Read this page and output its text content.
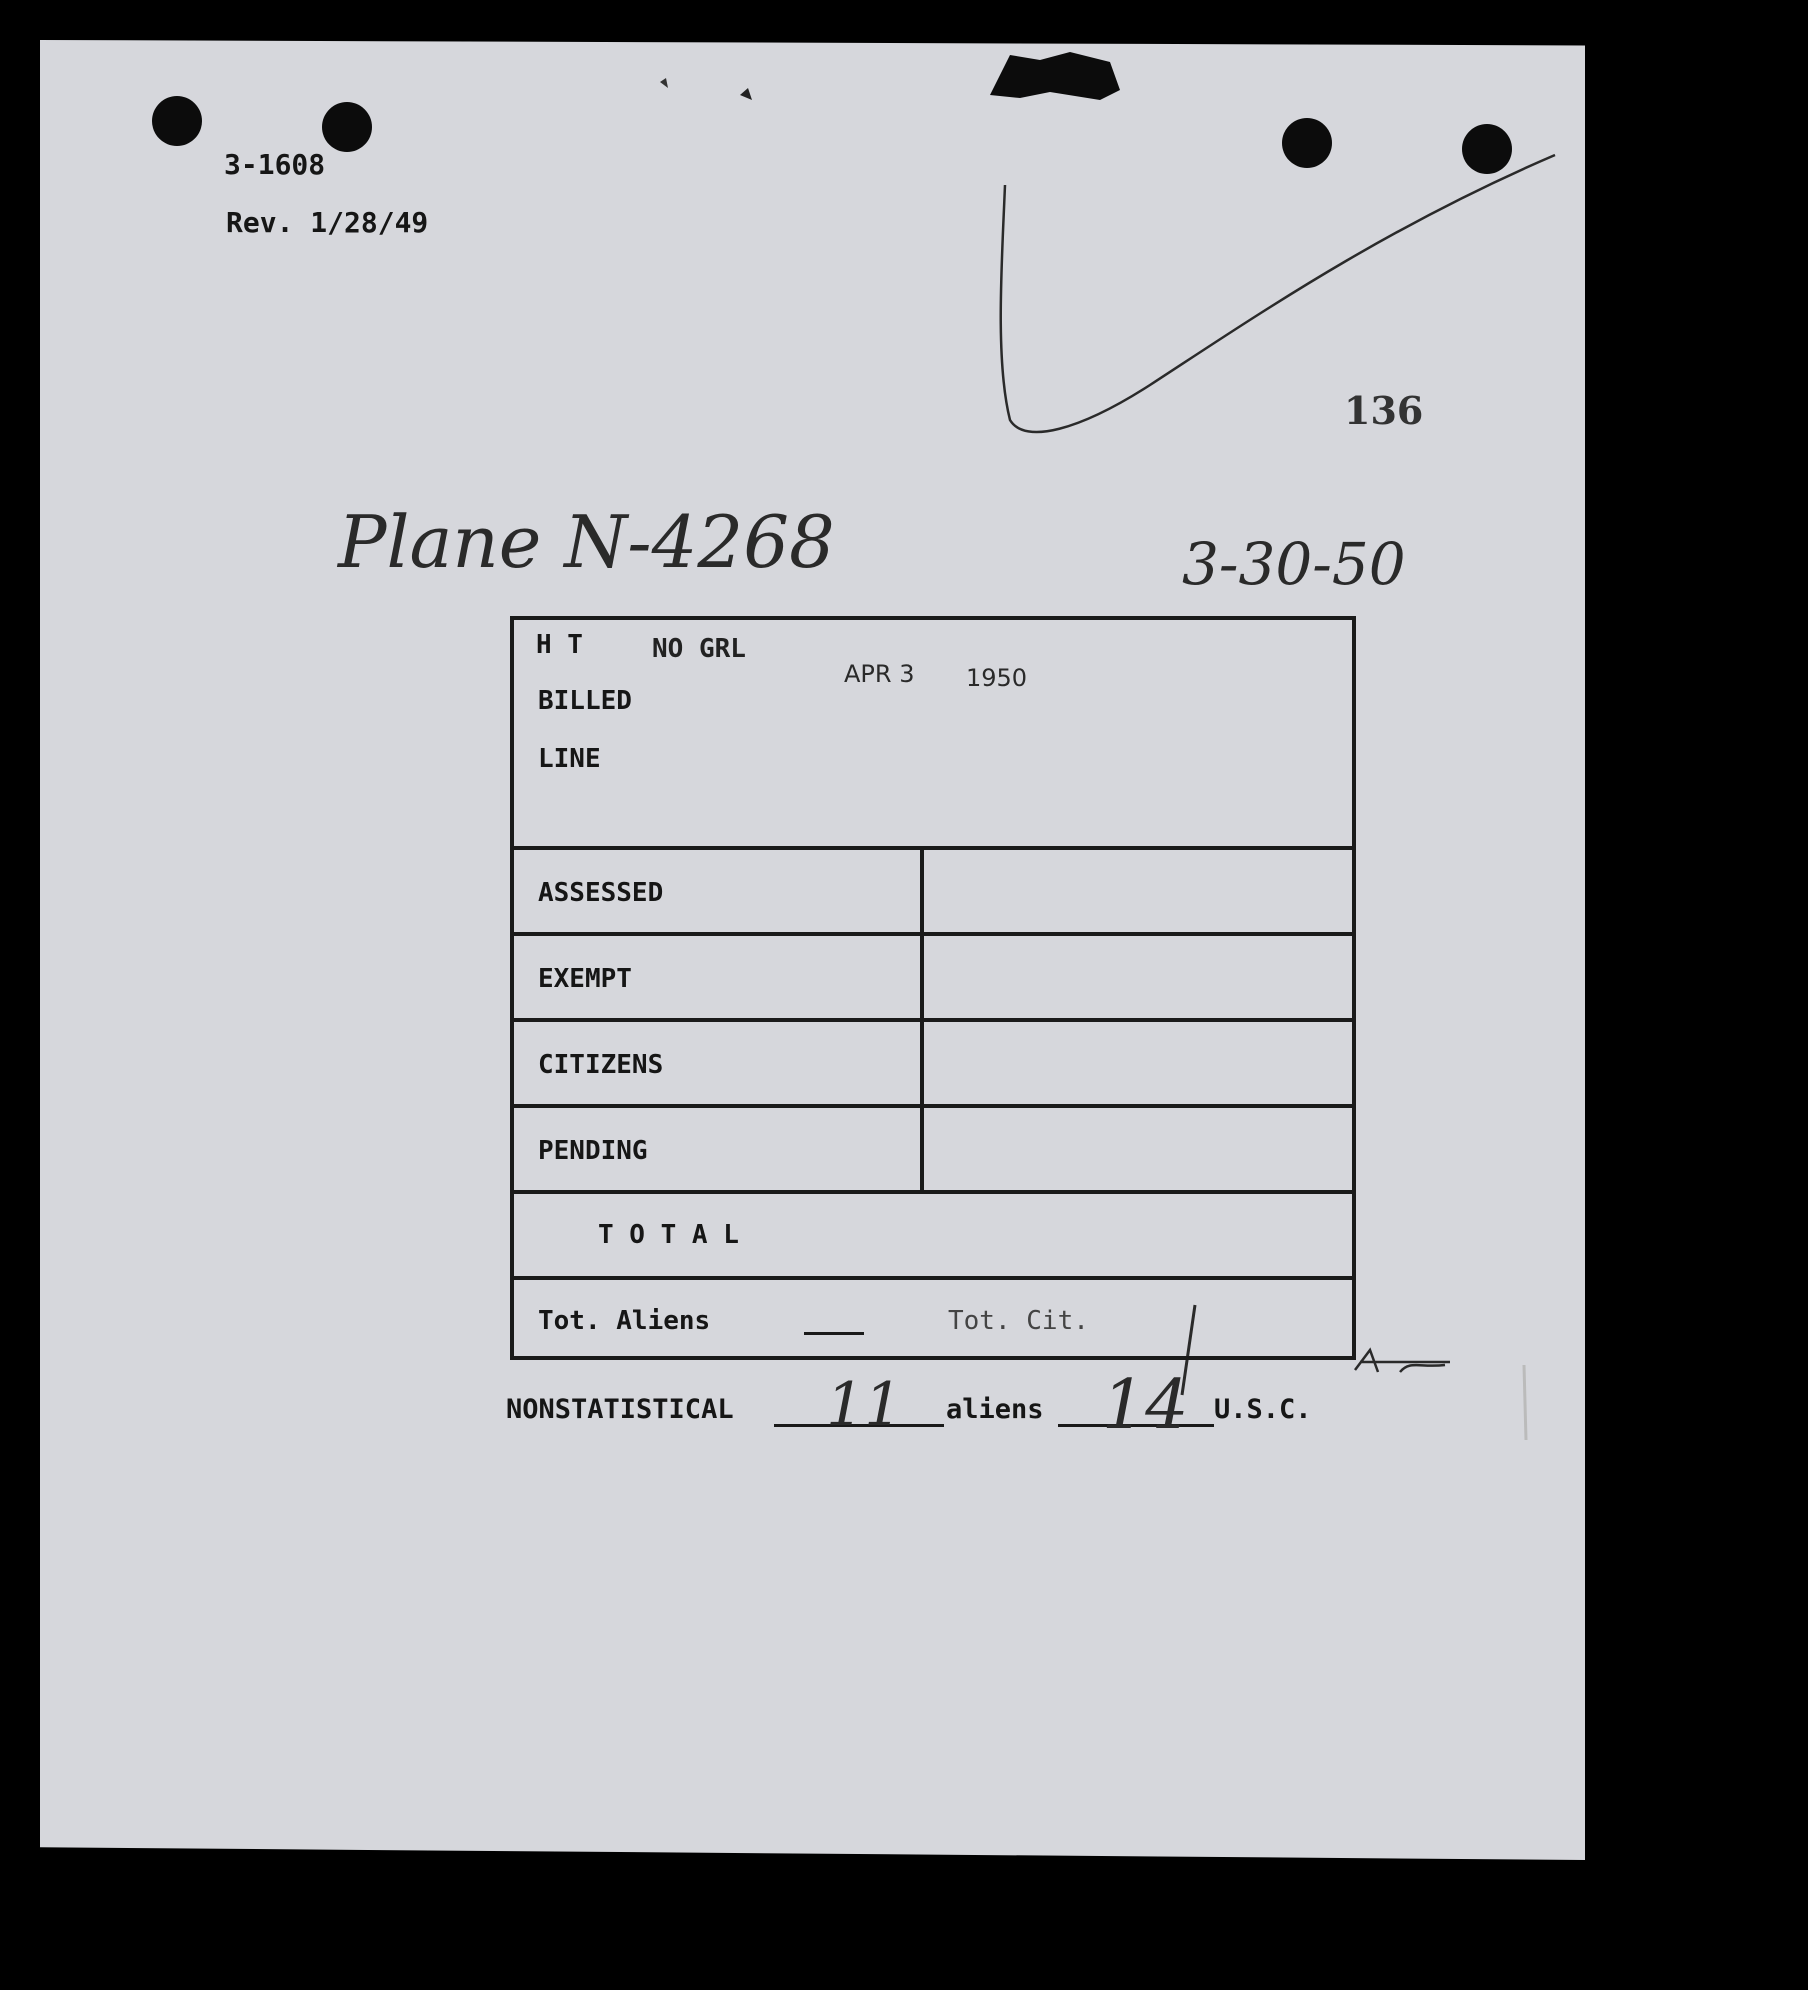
3-1608
Rev. 1/28/49
136
Plane N-4268	3-30-50
H T	NO GRL
BILLED
LINE
APR 3 1950
ASSESSED
EXEMPT
CITIZENS
PENDING
T O T A L
Tot. Aliens	Tot. Cit.
NONSTATISTICAL 11 aliens 14 U.S.C.
